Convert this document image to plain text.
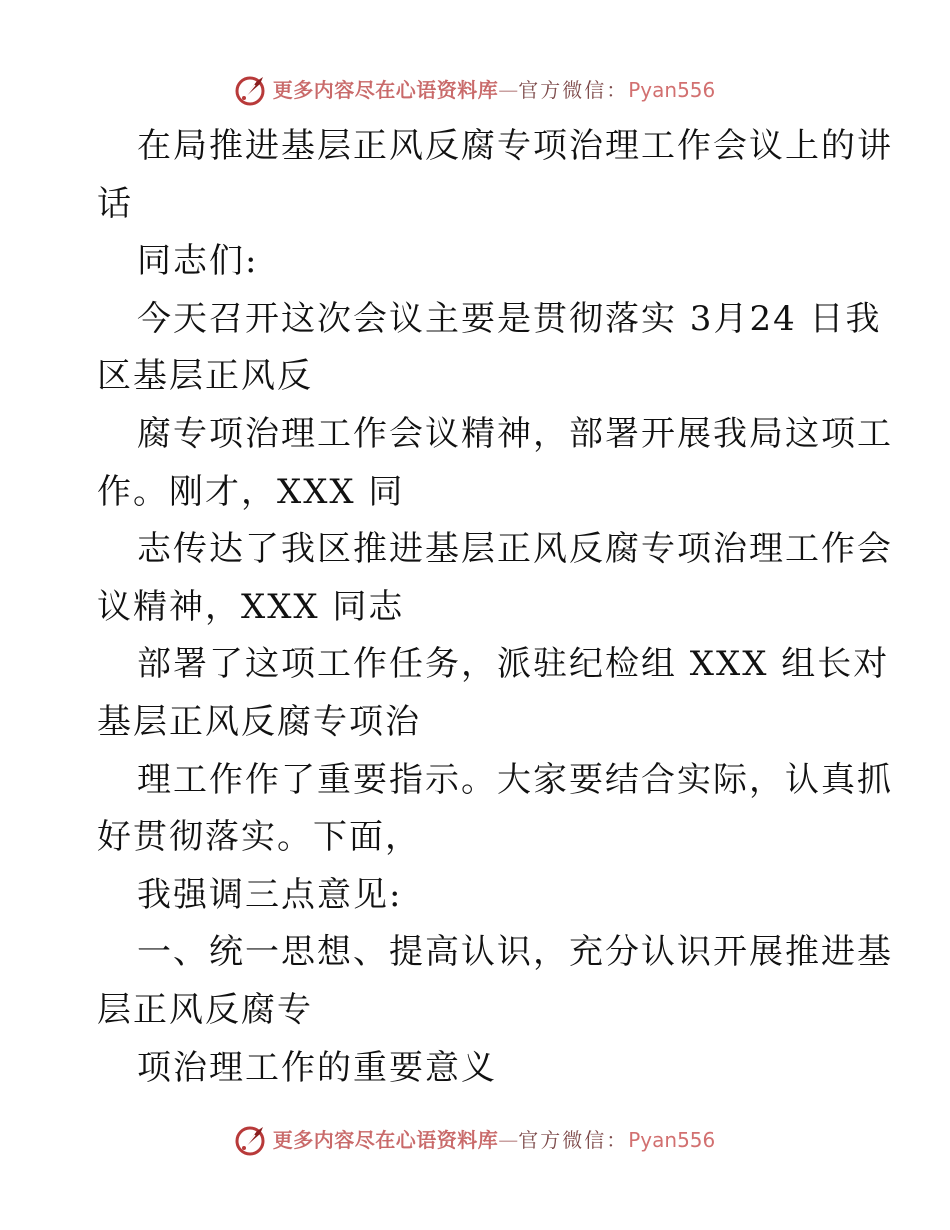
更多内容尽在心语资料库 — 官方微信： Pyan556
在局推进基层正风反腐专项治理工作会议上的讲
话
同志们:
今天召开这次会议主要是贯彻落实 3月24 日我
区基层正风反
腐专项治理工作会议精神，部署开展我局这项工
作。刚才，XXX 同
志传达了我区推进基层正风反腐专项治理工作会
议精神，XXX 同志
部署了这项工作任务，派驻纪检组 XXX 组长对
基层正风反腐专项治
理工作作了重要指示。大家要结合实际，认真抓
好贯彻落实。下面，
我强调三点意见:
一、统一思想、提高认识，充分认识开展推进基
层正风反腐专
项治理工作的重要意义
更多内容尽在心语资料库 — 官方微信： Pyan556
